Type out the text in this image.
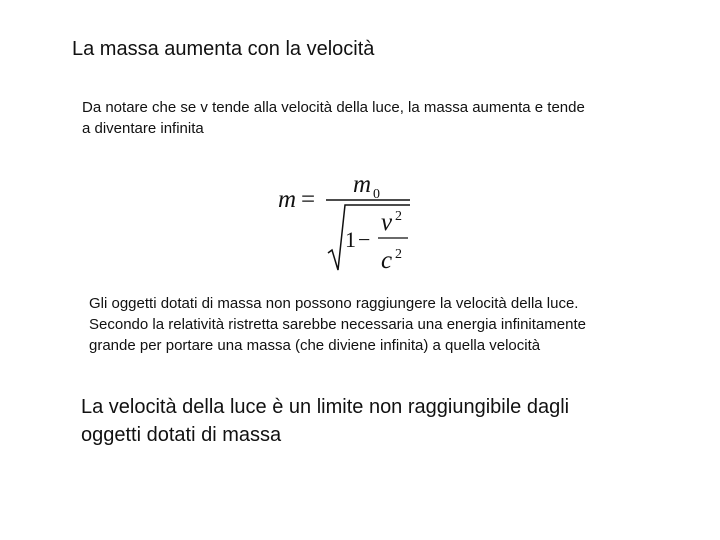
La massa aumenta con la velocità
Da notare che se v tende alla velocità della luce, la massa aumenta e tende
a diventare infinita
m =
m 0
1 −
v 2
c 2
Gli oggetti dotati di massa non possono raggiungere la velocità della luce.
Secondo la relatività ristretta sarebbe necessaria una energia infinitamente
grande per portare una massa (che diviene infinita) a quella velocità
La velocità della luce è un limite non raggiungibile dagli
oggetti dotati di massa
